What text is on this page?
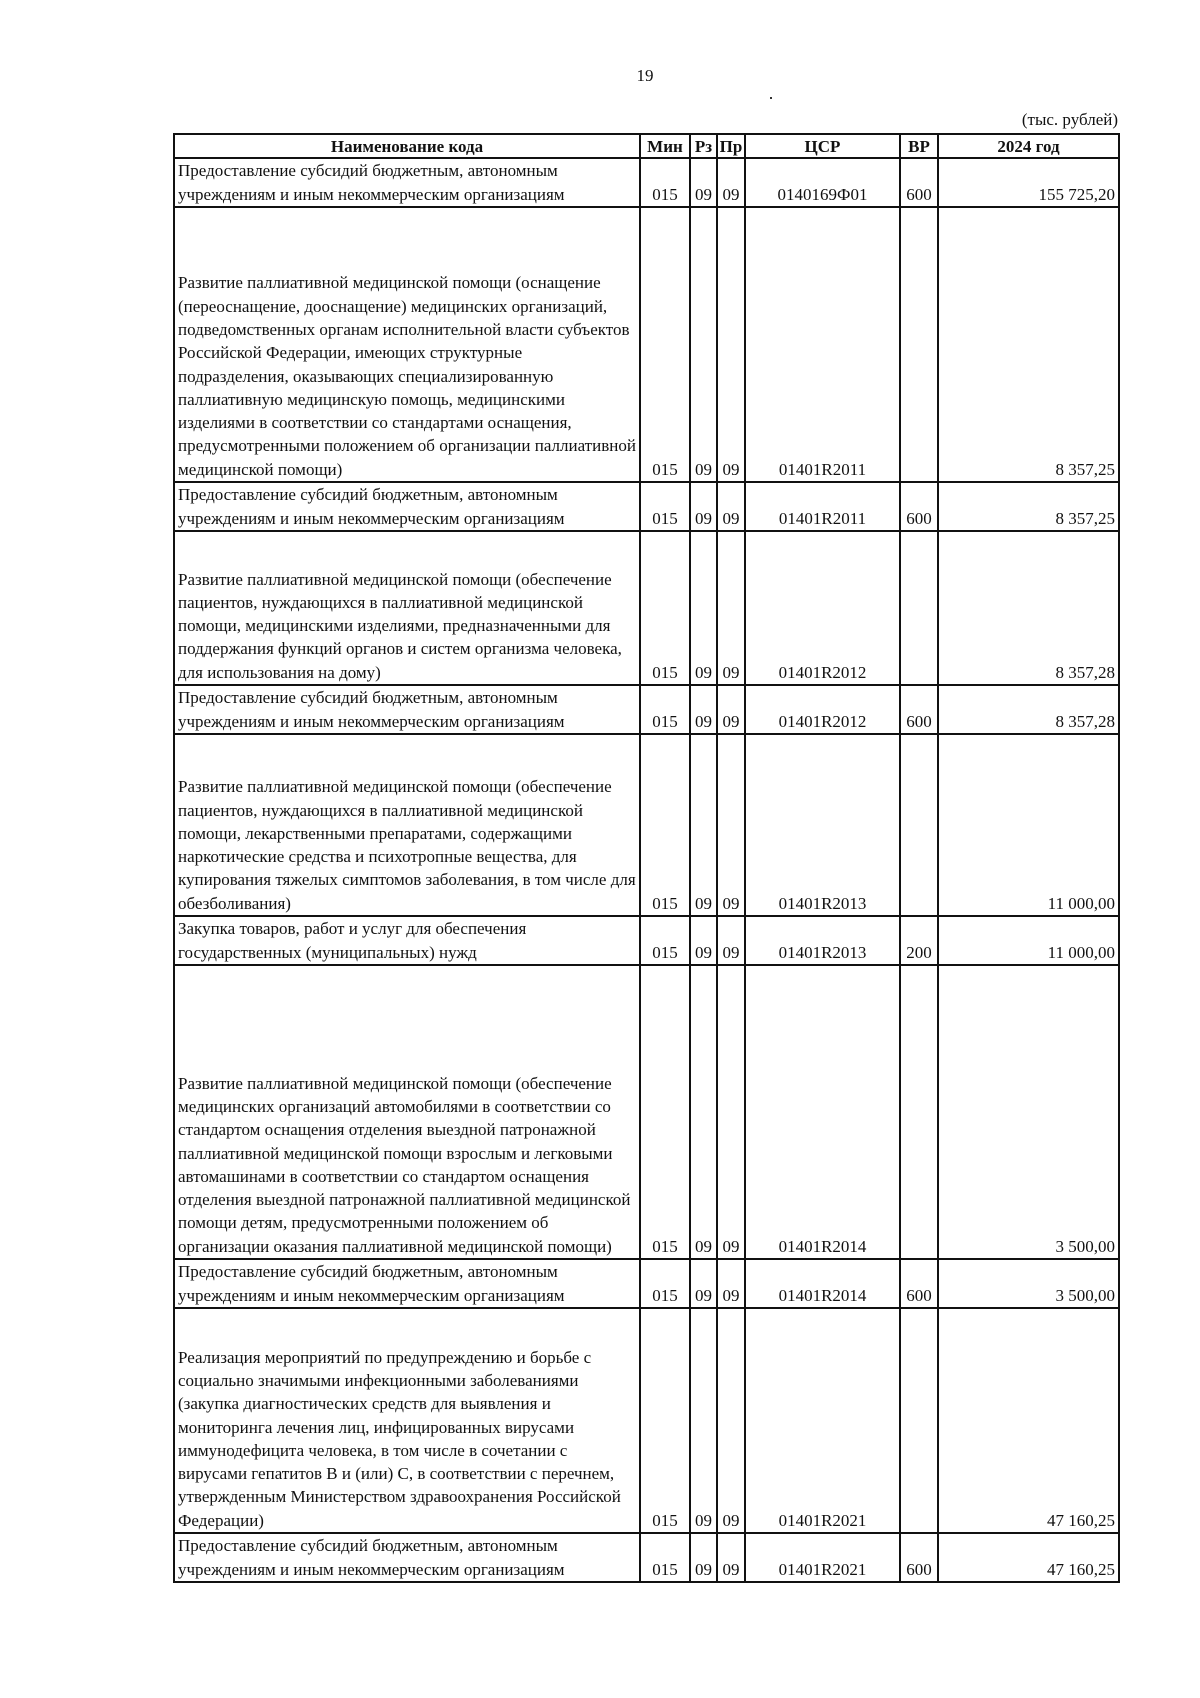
19
(тыс. рублей)
Наименование кода	Мин	Рз	Пр	ЦСР	ВР	2024 год
Предоставление субсидий бюджетным, автономным учреждениям и иным некоммерческим организациям	015	09	09	0140169Ф01	600	155 725,20
Развитие паллиативной медицинской помощи (оснащение (переоснащение, дооснащение) медицинских организаций, подведомственных органам исполнительной власти субъектов Российской Федерации, имеющих структурные подразделения, оказывающих специализированную паллиативную медицинскую помощь, медицинскими изделиями в соответствии со стандартами оснащения, предусмотренными положением об организации паллиативной медицинской помощи)	015	09	09	01401R2011		8 357,25
Предоставление субсидий бюджетным, автономным учреждениям и иным некоммерческим организациям	015	09	09	01401R2011	600	8 357,25
Развитие паллиативной медицинской помощи (обеспечение пациентов, нуждающихся в паллиативной медицинской помощи, медицинскими изделиями, предназначенными для поддержания функций органов и систем организма человека, для использования на дому)	015	09	09	01401R2012		8 357,28
Предоставление субсидий бюджетным, автономным учреждениям и иным некоммерческим организациям	015	09	09	01401R2012	600	8 357,28
Развитие паллиативной медицинской помощи (обеспечение пациентов, нуждающихся в паллиативной медицинской помощи, лекарственными препаратами, содержащими наркотические средства и психотропные вещества, для купирования тяжелых симптомов заболевания, в том числе для обезболивания)	015	09	09	01401R2013		11 000,00
Закупка товаров, работ и услуг для обеспечения государственных (муниципальных) нужд	015	09	09	01401R2013	200	11 000,00
Развитие паллиативной медицинской помощи (обеспечение медицинских организаций автомобилями в соответствии со стандартом оснащения отделения выездной патронажной паллиативной медицинской помощи взрослым и легковыми автомашинами в соответствии со стандартом оснащения отделения выездной патронажной паллиативной медицинской помощи детям, предусмотренными положением об организации оказания паллиативной медицинской помощи)	015	09	09	01401R2014		3 500,00
Предоставление субсидий бюджетным, автономным учреждениям и иным некоммерческим организациям	015	09	09	01401R2014	600	3 500,00
Реализация мероприятий по предупреждению и борьбе с социально значимыми инфекционными заболеваниями (закупка диагностических средств для выявления и мониторинга лечения лиц, инфицированных вирусами иммунодефицита человека, в том числе в сочетании с вирусами гепатитов B и (или) C, в соответствии с перечнем, утвержденным Министерством здравоохранения Российской Федерации)	015	09	09	01401R2021		47 160,25
Предоставление субсидий бюджетным, автономным учреждениям и иным некоммерческим организациям	015	09	09	01401R2021	600	47 160,25
